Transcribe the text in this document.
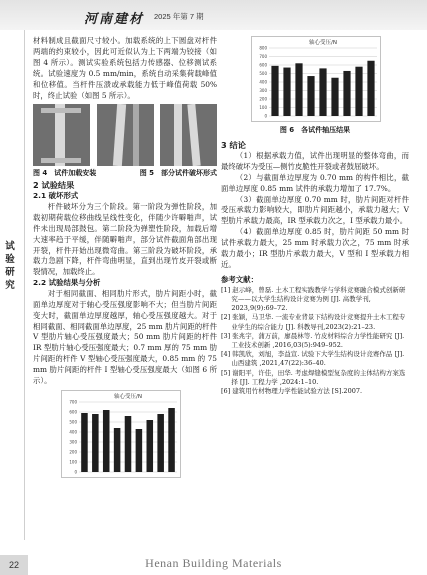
河南建材 2025 年第 7 期
试验研究

材料制成且截面尺寸较小。加载系统的上下圆盘对杆件两端的约束较小，因此可近似认为上下两端为铰接（如图 4 所示）。测试实验系统包括力传感器、位移测试系统。试验速度为 0.5 mm/min，系统自动采集荷载峰值和位移值。当杆件压溃或承载能力低于峰值荷载 50% 时，终止试验（如图 5 所示）。

图 4　试件加载安装	图 5　部分试件破坏形式

2 试验结果

2.1 破坏形式

杆件破坏分为三个阶段。第一阶段为弹性阶段，加载初期荷载位移曲线呈线性变化，伴随少许噼啪声，试件未出现局部鼓包。第二阶段为弹塑性阶段，加载后增大速率趋于平缓，伴随噼啪声，部分试件截面角部出现开裂，杆件开始出现微弯曲。第三阶段为破坏阶段，承载力急剧下降，杆件弯曲明显，直到出现竹皮开裂或断裂情况，加载终止。

2.2 试验结果与分析

对于相同截面、相同肋片形式，肋片间距小时，截面单边厚度对于轴心受压强度影响不大；但当肋片间距变大时，截面单边厚度越厚，轴心受压强度越大。对于相同截面、相同截面单边厚度，25 mm 肋片间距的杆件 V 型肋片轴心受压强度最大；50 mm 肋片间距的杆件 IR 型肋片轴心受压强度最大；0.7 mm 厚的 75 mm 肋片间距的杆件 V 型轴心受压强度最大，0.85 mm 的 75 mm 肋片间距的杆件 I 型轴心受压强度最大（如图 6 所示）。

轴心受压/N
700
600
500
400
300
200
100
0
轴心受压/N
800
700
600
500
400
300
200
100
0
图 6　各试件轴压结果

3 结论

（1）根据承载力值，试件出现明显的整体弯曲，而最终破坏为受压—侧竹皮脆性开裂或者鼓屈破坏。

（2）与截面单边厚度为 0.70 mm 的构件相比，截面单边厚度 0.85 mm 试件的承载力增加了 17.7%。

（3）截面单边厚度 0.70 mm 时，肋片间距对杆件受压承载力影响较大，即肋片间距越小，承载力越大；V 型肋片承载力最高，IR 型承载力次之，I 型承载力最小。

（4）截面单边厚度 0.85 时，肋片间距 50 mm 时试件承载力最大，25 mm 时承载力次之，75 mm 时承载力最小；IR 型肋片承载力最大，V 型和 I 型承载力相近。

参考文献：

[1] 赵示峰，曾磊. 土木工程实践教学与学科竞赛融合模式创新研究——以大学生结构设计竞赛为例 [J]. 高教学刊, 2023,9(9):69–72.

[2] 张颖，马卫华. 一流专业背景下结构设计竞赛提升土木工程专业学生的综合能力 [J]. 科教导刊,2023(2):21–23.

[3] 张兆宇，蒲万前，廖晨林等. 竹皮材料综合力学性能研究 [J]. 工业技术创新 ,2016,03(5):949–952.

[4] 韩凯欣，刘旭，李益宣. 试验下大学生结构设计竞赛作品 [J]. 山西建筑 ,2021,47(22):36–40.

[5] 谢阳平，许佳，田华. 考虑焊缝模型复杂度的主体结构方案选择 [J]. 工程力学 ,2024:1–10.

[6] 建筑用竹材物理力学性能试验方法 [S].2007.

22	Henan Building Materials
